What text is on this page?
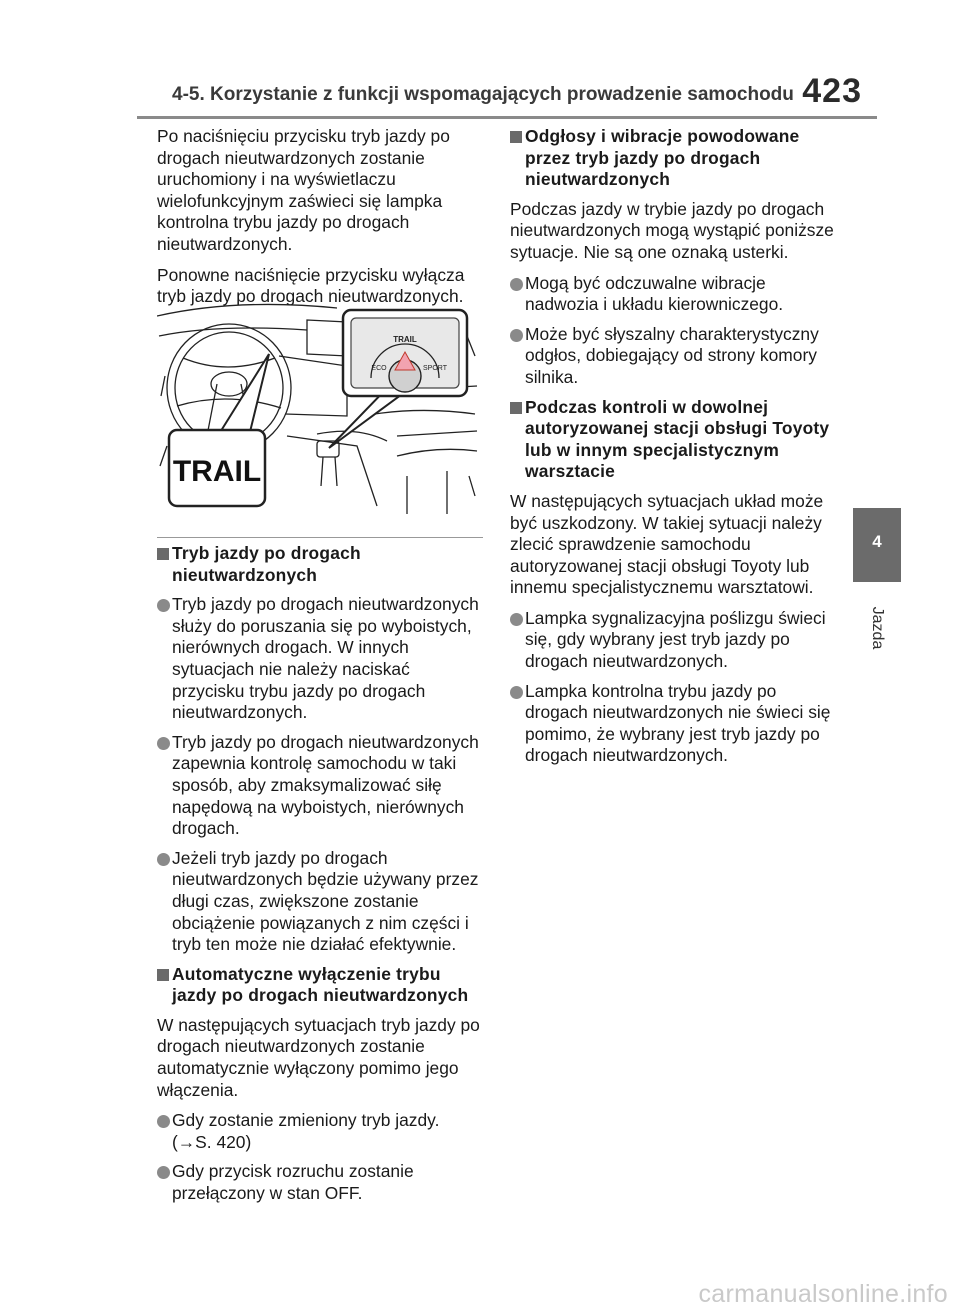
4-5. Korzystanie z funkcji wspomagających prowadzenie samochodu 423
4
Jazda

Po naciśnięciu przycisku tryb jazdy po drogach nieutwardzonych zostanie uruchomiony i na wyświetlaczu wielofunkcyjnym zaświeci się lampka kontrolna trybu jazdy po drogach nieutwardzonych.

Ponowne naciśnięcie przycisku wyłącza tryb jazdy po drogach nieutwardzonych.

TRAIL
TRAIL
ECO	SPORT
Tryb jazdy po drogach nieutwardzonych
Tryb jazdy po drogach nieutwardzonych służy do poruszania się po wyboistych, nierównych drogach. W innych sytuacjach nie należy naciskać przycisku trybu jazdy po drogach nieutwardzonych.
Tryb jazdy po drogach nieutwardzonych zapewnia kontrolę samochodu w taki sposób, aby zmaksymalizować siłę napędową na wyboistych, nierównych drogach.
Jeżeli tryb jazdy po drogach nieutwardzonych będzie używany przez długi czas, zwiększone zostanie obciążenie powiązanych z nim części i tryb ten może nie działać efektywnie.
Automatyczne wyłączenie trybu jazdy po drogach nieutwardzonych

W następujących sytuacjach tryb jazdy po drogach nieutwardzonych zostanie automatycznie wyłączony pomimo jego włączenia.

Gdy zostanie zmieniony tryb jazdy. (→S. 420)
Gdy przycisk rozruchu zostanie przełączony w stan OFF.
Odgłosy i wibracje powodowane przez tryb jazdy po drogach nieutwardzonych

Podczas jazdy w trybie jazdy po drogach nieutwardzonych mogą wystąpić poniższe sytuacje. Nie są one oznaką usterki.

Mogą być odczuwalne wibracje nadwozia i układu kierowniczego.
Może być słyszalny charakterystyczny odgłos, dobiegający od strony komory silnika.
Podczas kontroli w dowolnej autoryzowanej stacji obsługi Toyoty lub w innym specjalistycznym warsztacie

W następujących sytuacjach układ może być uszkodzony. W takiej sytuacji należy zlecić sprawdzenie samochodu autoryzowanej stacji obsługi Toyoty lub innemu specjalistycznemu warsztatowi.

Lampka sygnalizacyjna poślizgu świeci się, gdy wybrany jest tryb jazdy po drogach nieutwardzonych.
Lampka kontrolna trybu jazdy po drogach nieutwardzonych nie świeci się pomimo, że wybrany jest tryb jazdy po drogach nieutwardzonych.
carmanualsonline.info
